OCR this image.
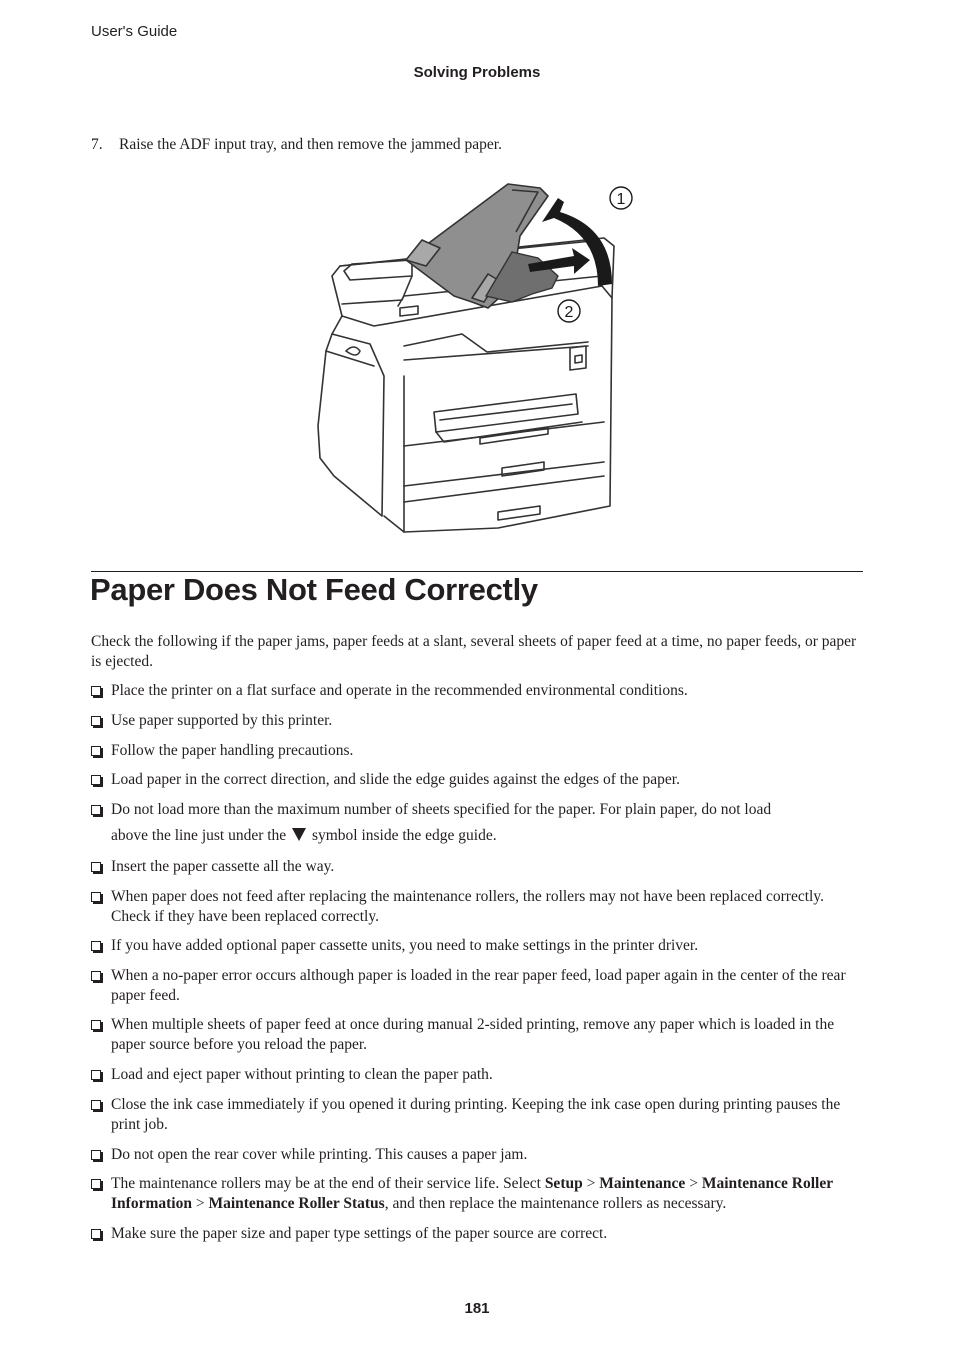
User's Guide
Solving Problems
7. Raise the ADF input tray, and then remove the jammed paper.
1
2
Paper Does Not Feed Correctly

Check the following if the paper jams, paper feeds at a slant, several sheets of paper feed at a time, no paper feeds, or paper is ejected.

Place the printer on a flat surface and operate in the recommended environmental conditions.
Use paper supported by this printer.
Follow the paper handling precautions.
Load paper in the correct direction, and slide the edge guides against the edges of the paper.
Do not load more than the maximum number of sheets specified for the paper. For plain paper, do not load
above the line just under the symbol inside the edge guide.
Insert the paper cassette all the way.
When paper does not feed after replacing the maintenance rollers, the rollers may not have been replaced correctly. Check if they have been replaced correctly.
If you have added optional paper cassette units, you need to make settings in the printer driver.
When a no-paper error occurs although paper is loaded in the rear paper feed, load paper again in the center of the rear paper feed.
When multiple sheets of paper feed at once during manual 2-sided printing, remove any paper which is loaded in the paper source before you reload the paper.
Load and eject paper without printing to clean the paper path.
Close the ink case immediately if you opened it during printing. Keeping the ink case open during printing pauses the print job.
Do not open the rear cover while printing. This causes a paper jam.
The maintenance rollers may be at the end of their service life. Select Setup > Maintenance > Maintenance Roller Information > Maintenance Roller Status, and then replace the maintenance rollers as necessary.
Make sure the paper size and paper type settings of the paper source are correct.
181
